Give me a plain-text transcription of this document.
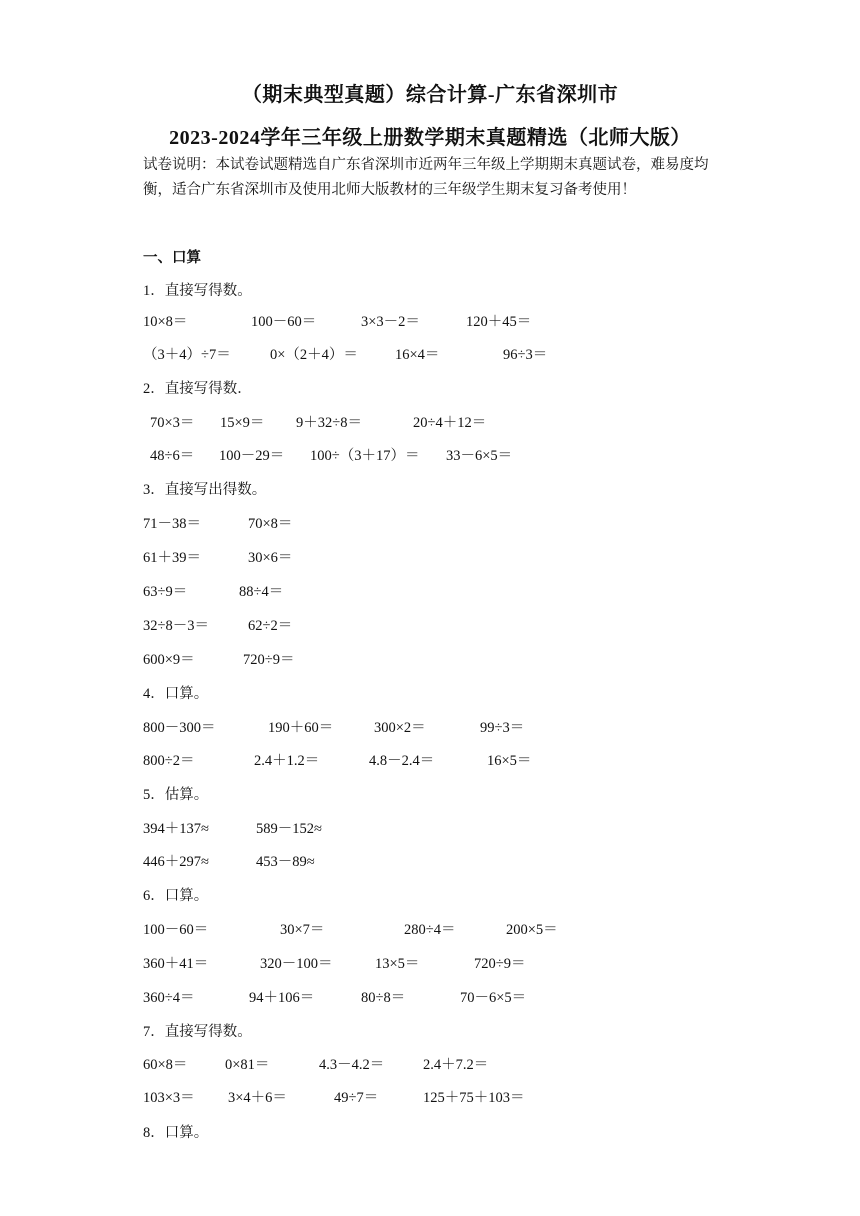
（期末典型真题）综合计算-广东省深圳市
2023-2024学年三年级上册数学期末真题精选（北师大版）
试卷说明：本试卷试题精选自广东省深圳市近两年三年级上学期期末真题试卷，难易度均衡，适合广东省深圳市及使用北师大版教材的三年级学生期末复习备考使用！
一、口算
1．直接写得数。
10×8＝	100－60＝	3×3－2＝	120＋45＝
（3＋4）÷7＝	0×（2＋4）＝	16×4＝	96÷3＝
2．直接写得数．
70×3＝ 15×9＝ 9＋32÷8＝	20÷4＋12＝
48÷6＝ 100－29＝ 100÷（3＋17）＝ 33－6×5＝
3．直接写出得数。
71－38＝	70×8＝
61＋39＝	30×6＝
63÷9＝	88÷4＝
32÷8－3＝	62÷2＝
600×9＝	720÷9＝
4．口算。
800－300＝	190＋60＝	300×2＝	99÷3＝
800÷2＝	2.4＋1.2＝	4.8－2.4＝	16×5＝
5．估算。
394＋137≈	589－152≈
446＋297≈	453－89≈
6．口算。
100－60＝	30×7＝	280÷4＝	200×5＝
360＋41＝	320－100＝	13×5＝	720÷9＝
360÷4＝	94＋106＝	80÷8＝	70－6×5＝
7．直接写得数。
60×8＝	0×81＝	4.3－4.2＝	2.4＋7.2＝
103×3＝ 3×4＋6＝	49÷7＝	125＋75＋103＝
8．口算。
